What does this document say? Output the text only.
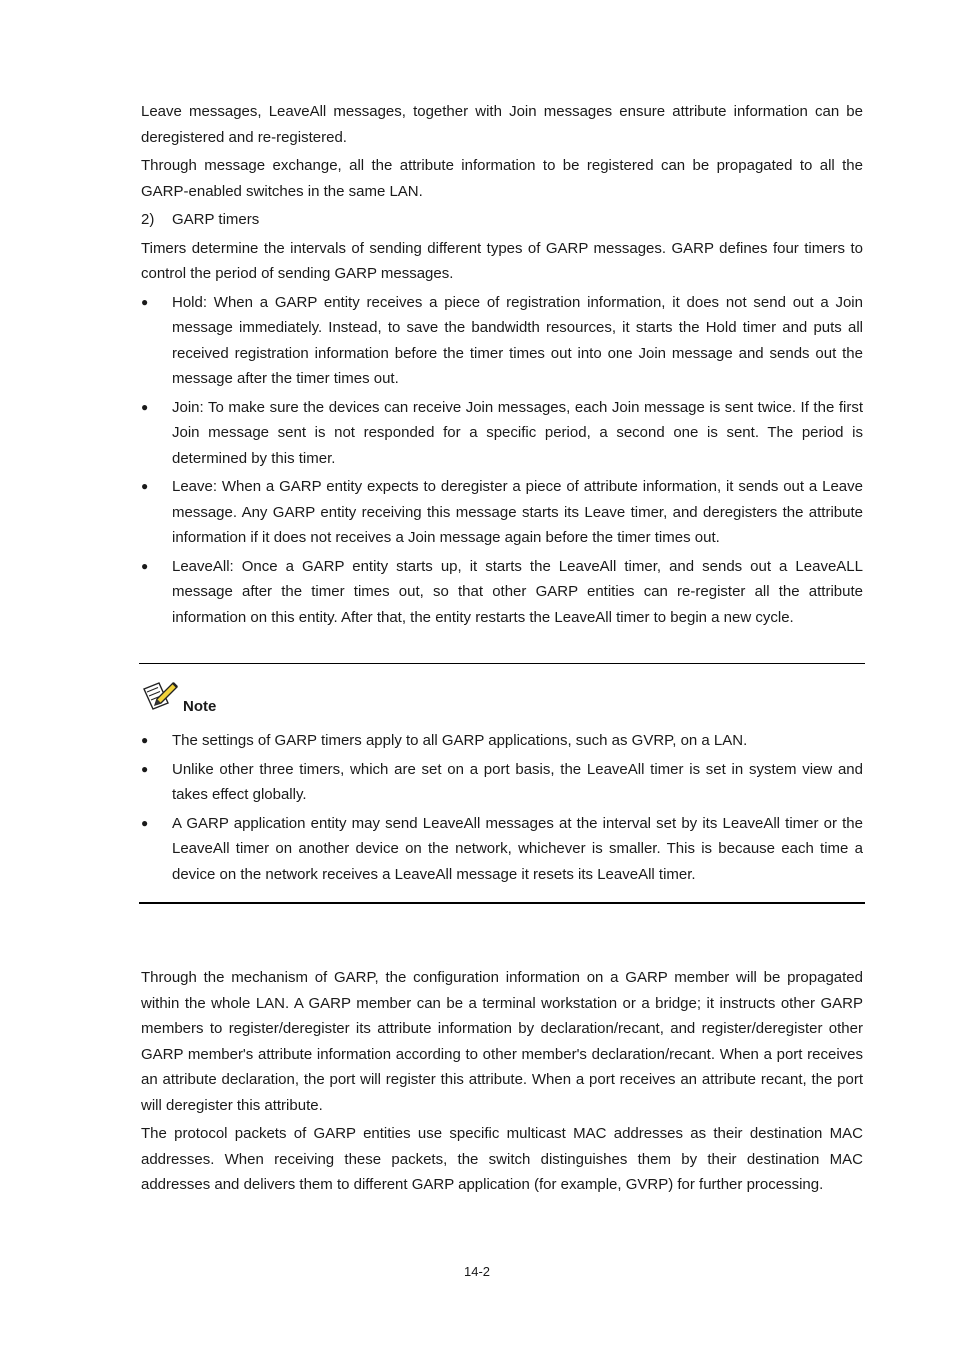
Leave messages, LeaveAll messages, together with Join messages ensure attribute information can be deregistered and re-registered.

Through message exchange, all the attribute information to be registered can be propagated to all the GARP-enabled switches in the same LAN.

2)	GARP timers

Timers determine the intervals of sending different types of GARP messages. GARP defines four timers to control the period of sending GARP messages.

● Hold: When a GARP entity receives a piece of registration information, it does not send out a Join message immediately. Instead, to save the bandwidth resources, it starts the Hold timer and puts all received registration information before the timer times out into one Join message and sends out the message after the timer times out.
● Join: To make sure the devices can receive Join messages, each Join message is sent twice. If the first Join message sent is not responded for a specific period, a second one is sent. The period is determined by this timer.
● Leave: When a GARP entity expects to deregister a piece of attribute information, it sends out a Leave message. Any GARP entity receiving this message starts its Leave timer, and deregisters the attribute information if it does not receives a Join message again before the timer times out.
● LeaveAll: Once a GARP entity starts up, it starts the LeaveAll timer, and sends out a LeaveALL message after the timer times out, so that other GARP entities can re-register all the attribute information on this entity. After that, the entity restarts the LeaveAll timer to begin a new cycle.
Note
● The settings of GARP timers apply to all GARP applications, such as GVRP, on a LAN.
● Unlike other three timers, which are set on a port basis, the LeaveAll timer is set in system view and takes effect globally.
● A GARP application entity may send LeaveAll messages at the interval set by its LeaveAll timer or the LeaveAll timer on another device on the network, whichever is smaller. This is because each time a device on the network receives a LeaveAll message it resets its LeaveAll timer.

Through the mechanism of GARP, the configuration information on a GARP member will be propagated within the whole LAN. A GARP member can be a terminal workstation or a bridge; it instructs other GARP members to register/deregister its attribute information by declaration/recant, and register/deregister other GARP member's attribute information according to other member's declaration/recant. When a port receives an attribute declaration, the port will register this attribute. When a port receives an attribute recant, the port will deregister this attribute.

The protocol packets of GARP entities use specific multicast MAC addresses as their destination MAC addresses. When receiving these packets, the switch distinguishes them by their destination MAC addresses and delivers them to different GARP application (for example, GVRP) for further processing.

14-2
